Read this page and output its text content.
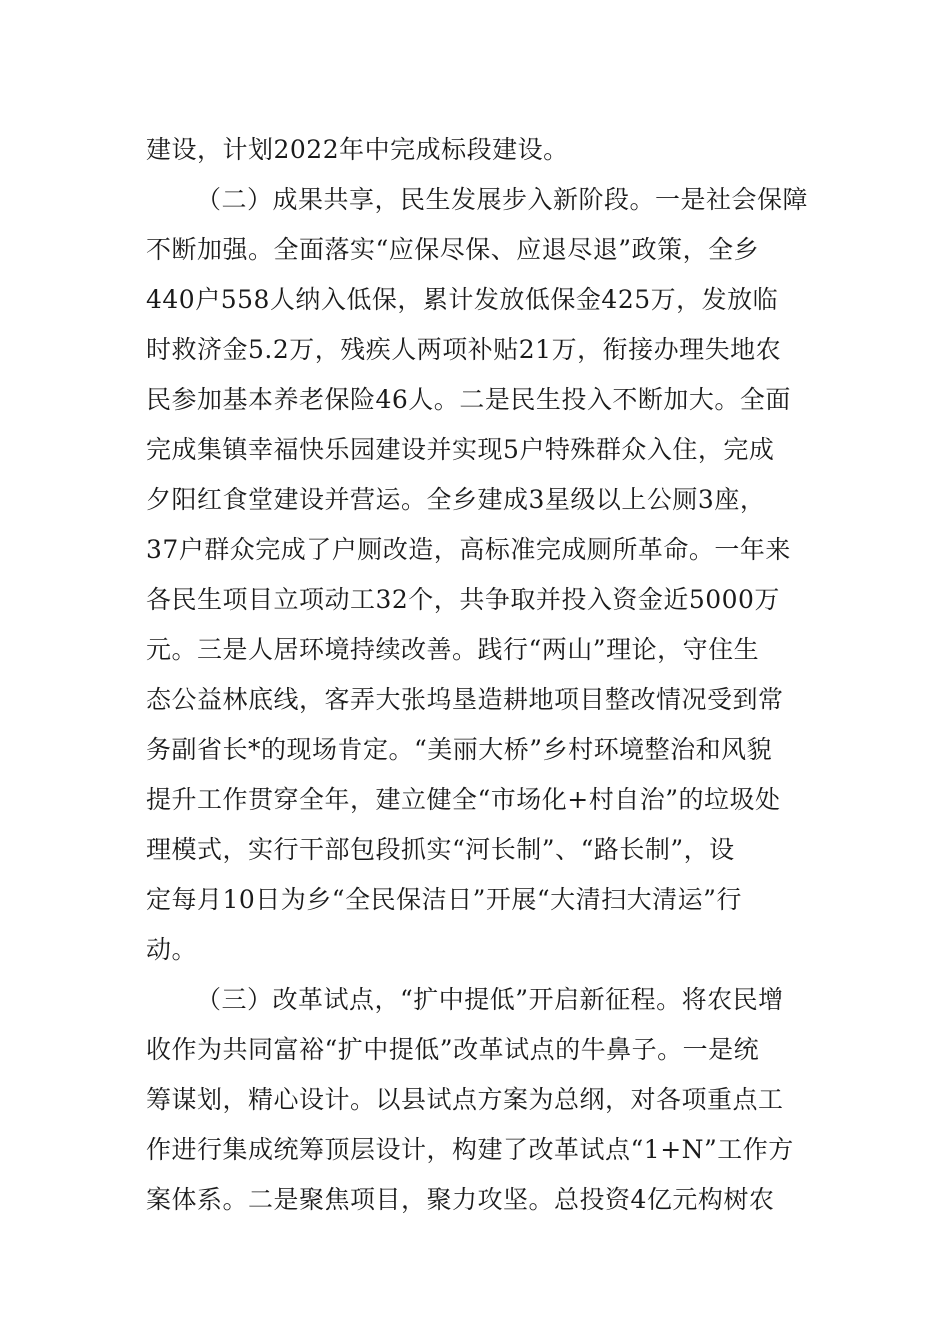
建设，计划2022年中完成标段建设。
（二）成果共享，民生发展步入新阶段。一是社会保障
不断加强。全面落实“应保尽保、应退尽退”政策，全乡
440户558人纳入低保，累计发放低保金425万，发放临
时救济金5.2万，残疾人两项补贴21万，衔接办理失地农
民参加基本养老保险46人。二是民生投入不断加大。全面
完成集镇幸福快乐园建设并实现5户特殊群众入住，完成
夕阳红食堂建设并营运。全乡建成3星级以上公厕3座，
37户群众完成了户厕改造，高标准完成厕所革命。一年来
各民生项目立项动工32个，共争取并投入资金近5000万
元。三是人居环境持续改善。践行“两山”理论，守住生
态公益林底线，客弄大张坞垦造耕地项目整改情况受到常
务副省长*的现场肯定。“美丽大桥”乡村环境整治和风貌
提升工作贯穿全年，建立健全“市场化+村自治”的垃圾处
理模式，实行干部包段抓实“河长制”、“路长制”，设
定每月10日为乡“全民保洁日”开展“大清扫大清运”行
动。
（三）改革试点，“扩中提低”开启新征程。将农民增
收作为共同富裕“扩中提低”改革试点的牛鼻子。一是统
筹谋划，精心设计。以县试点方案为总纲，对各项重点工
作进行集成统筹顶层设计，构建了改革试点“1+N”工作方
案体系。二是聚焦项目，聚力攻坚。总投资4亿元构树农
